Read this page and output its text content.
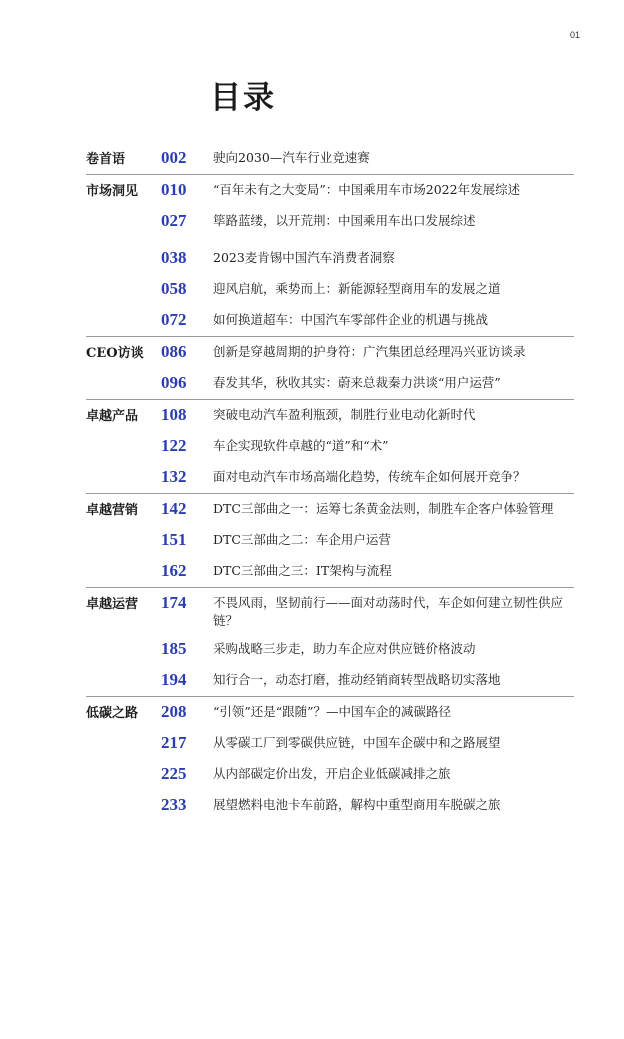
01
目录
卷首语 002	驶向2030—汽车行业竞速赛
市场洞见 010	“百年未有之大变局”：中国乘用车市场2022年发展综述
027	筚路蓝缕，以开荒荆：中国乘用车出口发展综述
038	2023麦肯锡中国汽车消费者洞察
058	迎风启航，乘势而上：新能源轻型商用车的发展之道
072	如何换道超车：中国汽车零部件企业的机遇与挑战
CEO访谈 086	创新是穿越周期的护身符：广汽集团总经理冯兴亚访谈录
096	春发其华，秋收其实：蔚来总裁秦力洪谈“用户运营”
卓越产品 108	突破电动汽车盈利瓶颈，制胜行业电动化新时代
122	车企实现软件卓越的“道”和“术”
132	面对电动汽车市场高端化趋势，传统车企如何展开竞争？
卓越营销 142	DTC三部曲之一：运筹七条黄金法则，制胜车企客户体验管理
151	DTC三部曲之二：车企用户运营
162	DTC三部曲之三：IT架构与流程
卓越运营 174	不畏风雨，坚韧前行——面对动荡时代，车企如何建立韧性供应链？
185	采购战略三步走，助力车企应对供应链价格波动
194	知行合一，动态打磨，推动经销商转型战略切实落地
低碳之路 208	“引领”还是“跟随”？—中国车企的减碳路径
217	从零碳工厂到零碳供应链，中国车企碳中和之路展望
225	从内部碳定价出发，开启企业低碳减排之旅
233	展望燃料电池卡车前路，解构中重型商用车脱碳之旅
